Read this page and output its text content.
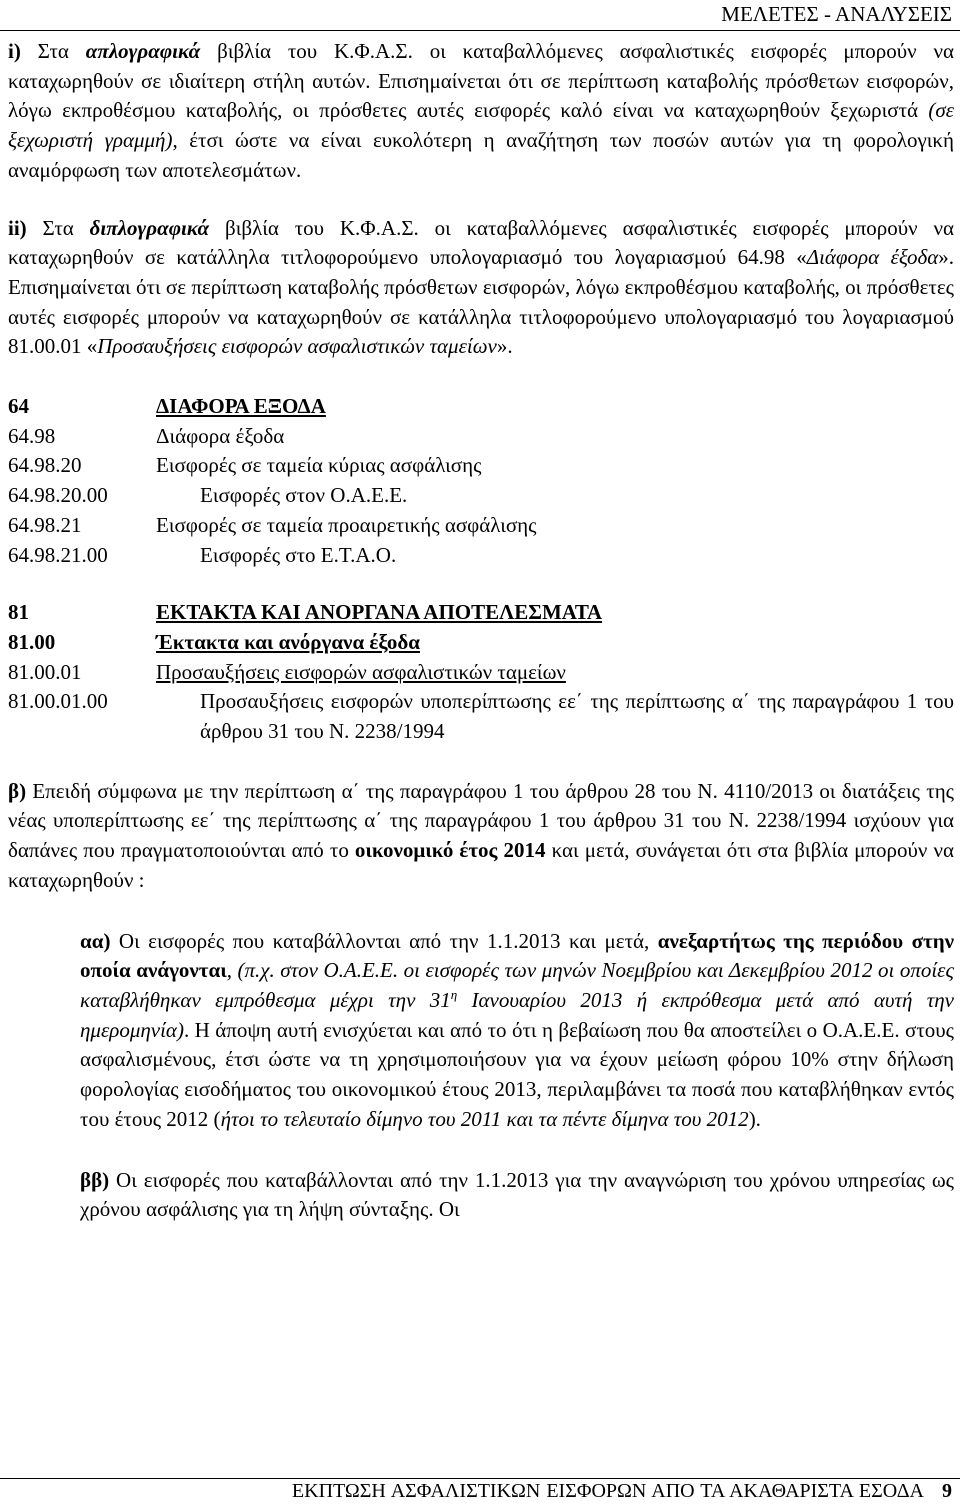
ΜΕΛΕΤΕΣ - ΑΝΑΛΥΣΕΙΣ

i) Στα απλογραφικά βιβλία του Κ.Φ.Α.Σ. οι καταβαλλόμενες ασφαλιστικές εισφορές μπορούν να καταχωρηθούν σε ιδιαίτερη στήλη αυτών. Επισημαίνεται ότι σε περίπτωση καταβολής πρόσθετων εισφορών, λόγω εκπροθέσμου καταβολής, οι πρόσθετες αυτές εισφορές καλό είναι να καταχωρηθούν ξεχωριστά (σε ξεχωριστή γραμμή), έτσι ώστε να είναι ευκολότερη η αναζήτηση των ποσών αυτών για τη φορολογική αναμόρφωση των αποτελεσμάτων.

ii) Στα διπλογραφικά βιβλία του Κ.Φ.Α.Σ. οι καταβαλλόμενες ασφαλιστικές εισφορές μπορούν να καταχωρηθούν σε κατάλληλα τιτλοφορούμενο υπολογαριασμό του λογαριασμού 64.98 «Διάφορα έξοδα». Επισημαίνεται ότι σε περίπτωση καταβολής πρόσθετων εισφορών, λόγω εκπροθέσμου καταβολής, οι πρόσθετες αυτές εισφορές μπορούν να καταχωρηθούν σε κατάλληλα τιτλοφορούμενο υπολογαριασμό του λογαριασμού 81.00.01 «Προσαυξήσεις εισφορών ασφαλιστικών ταμείων».

64	ΔΙΑΦΟΡΑ ΕΞΟΔΑ
64.98	Διάφορα έξοδα
64.98.20	Εισφορές σε ταμεία κύριας ασφάλισης
64.98.20.00	Εισφορές στον Ο.Α.Ε.Ε.
64.98.21	Εισφορές σε ταμεία προαιρετικής ασφάλισης
64.98.21.00	Εισφορές στο Ε.Τ.Α.Ο.
81	ΕΚΤΑΚΤΑ ΚΑΙ ΑΝΟΡΓΑΝΑ ΑΠΟΤΕΛΕΣΜΑΤΑ
81.00	Έκτακτα και ανόργανα έξοδα
81.00.01	Προσαυξήσεις εισφορών ασφαλιστικών ταμείων
81.00.01.00	Προσαυξήσεις εισφορών υποπερίπτωσης εε΄ της περίπτωσης α΄ της παραγράφου 1 του άρθρου 31 του Ν. 2238/1994

β) Επειδή σύμφωνα με την περίπτωση α΄ της παραγράφου 1 του άρθρου 28 του Ν. 4110/2013 οι διατάξεις της νέας υποπερίπτωσης εε΄ της περίπτωσης α΄ της παραγράφου 1 του άρθρου 31 του Ν. 2238/1994 ισχύουν για δαπάνες που πραγματοποιούνται από το οικονομικό έτος 2014 και μετά, συνάγεται ότι στα βιβλία μπορούν να καταχωρηθούν :

αα) Οι εισφορές που καταβάλλονται από την 1.1.2013 και μετά, ανεξαρτήτως της περιόδου στην οποία ανάγονται, (π.χ. στον Ο.Α.Ε.Ε. οι εισφορές των μηνών Νοεμβρίου και Δεκεμβρίου 2012 οι οποίες καταβλήθηκαν εμπρόθεσμα μέχρι την $31^\eta$ Ιανουαρίου 2013 ή εκπρόθεσμα μετά από αυτή την ημερομηνία). Η άποψη αυτή ενισχύεται και από το ότι η βεβαίωση που θα αποστείλει ο Ο.Α.Ε.Ε. στους ασφαλισμένους, έτσι ώστε να τη χρησιμοποιήσουν για να έχουν μείωση φόρου 10% στην δήλωση φορολογίας εισοδήματος του οικονομικού έτους 2013, περιλαμβάνει τα ποσά που καταβλήθηκαν εντός του έτους 2012 (ήτοι το τελευταίο δίμηνο του 2011 και τα πέντε δίμηνα του 2012).

ββ) Οι εισφορές που καταβάλλονται από την 1.1.2013 για την αναγνώριση του χρόνου υπηρεσίας ως χρόνου ασφάλισης για τη λήψη σύνταξης. Οι

ΕΚΠΤΩΣΗ ΑΣΦΑΛΙΣΤΙΚΩΝ ΕΙΣΦΟΡΩΝ ΑΠΟ ΤΑ ΑΚΑΘΑΡΙΣΤΑ ΕΣΟΔΑ 9
